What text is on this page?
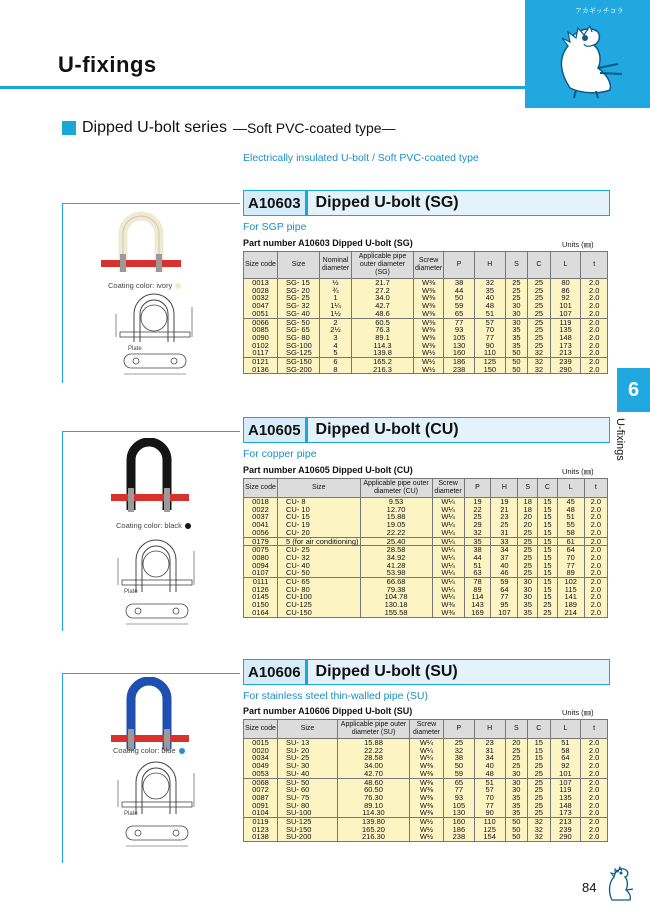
U-fixings
アカギッチコラ
Dipped U-bolt series —Soft PVC-coated type—
Electrically insulated U-bolt / Soft PVC-coated type
6
U-fixings
A10603 Dipped U-bolt (SG)
For SGP pipe
Part number A10603 Dipped U-bolt (SG)	Units (㎜)
Size code	Size	Nominal diameter	Applicable pipe outer diameter (SG)	Screw diameter	P	H	S	C	L	t
0013	SG- 15	½	21.7	W⅜	38	32	25	25	80	2.0
0028	SG- 20	¾	27.2	W⅜	44	35	25	25	86	2.0
0032	SG- 25	1	34.0	W⅜	50	40	25	25	92	2.0
0047	SG- 32	1¼	42.7	W⅜	59	48	30	25	101	2.0
0051	SG- 40	1½	48.6	W⅜	65	51	30	25	107	2.0
0066	SG- 50	2	60.5	W⅜	77	57	30	25	119	2.0
0085	SG- 65	2½	76.3	W⅜	93	70	35	25	135	2.0
0090	SG- 80	3	89.1	W⅜	105	77	35	25	148	2.0
0102	SG-100	4	114.3	W⅜	130	90	35	25	173	2.0
0117	SG-125	5	139.8	W½	160	110	50	32	213	2.0
0121	SG-150	6	165.2	W½	186	125	50	32	239	2.0
0136	SG-200	8	216.3	W½	238	150	50	32	290	2.0
Coating color: ivory
Plate
A10605 Dipped U-bolt (CU)
For copper pipe
Part number A10605 Dipped U-bolt (CU)	Units (㎜)
Size code	Size	Applicable pipe outer diameter (CU)	Screw diameter	P	H	S	C	L	t
0018	CU- 8	9.53	W¼	19	19	18	15	45	2.0
0022	CU- 10	12.70	W¼	22	21	18	15	48	2.0
0037	CU- 15	15.88	W¼	25	23	20	15	51	2.0
0041	CU- 19	19.05	W¼	29	25	20	15	55	2.0
0056	CU- 20	22.22	W¼	32	31	25	15	58	2.0
0179	5 (for air conditioning)	25.40	W¼	35	33	25	15	61	2.0
0075	CU- 25	28.58	W¼	38	34	25	15	64	2.0
0080	CU- 32	34.92	W¼	44	37	25	15	70	2.0
0094	CU- 40	41.28	W¼	51	40	25	15	77	2.0
0107	CU- 50	53.98	W¼	63	46	25	15	89	2.0
0111	CU- 65	66.68	W¼	78	59	30	15	102	2.0
0126	CU- 80	79.38	W¼	89	64	30	15	115	2.0
0145	CU-100	104.78	W¼	114	77	30	15	141	2.0
0150	CU-125	130.18	W⅜	143	95	35	25	189	2.0
0164	CU-150	155.58	W⅜	169	107	35	25	214	2.0
Coating color: black
Plate
A10606 Dipped U-bolt (SU)
For stainless steel thin-walled pipe (SU)
Part number A10606 Dipped U-bolt (SU)	Units (㎜)
Size code	Size	Applicable pipe outer diameter (SU)	Screw diameter	P	H	S	C	L	t
0015	SU- 13	15.88	W¼	25	23	20	15	51	2.0
0020	SU- 20	22.22	W¼	32	31	25	15	58	2.0
0034	SU- 25	28.58	W¼	38	34	25	15	64	2.0
0049	SU- 30	34.00	W⅜	50	40	25	25	92	2.0
0053	SU- 40	42.70	W⅜	59	48	30	25	101	2.0
0068	SU- 50	48.60	W⅜	65	51	30	25	107	2.0
0072	SU- 60	60.50	W⅜	77	57	30	25	119	2.0
0087	SU- 75	76.30	W⅜	93	70	35	25	135	2.0
0091	SU- 80	89.10	W⅜	105	77	35	25	148	2.0
0104	SU-100	114.30	W⅜	130	90	35	25	173	2.0
0119	SU-125	139.80	W½	160	110	50	32	213	2.0
0123	SU-150	165.20	W½	186	125	50	32	239	2.0
0138	SU-200	216.30	W½	238	154	50	32	290	2.0
Coating color: blue
Plate
84
